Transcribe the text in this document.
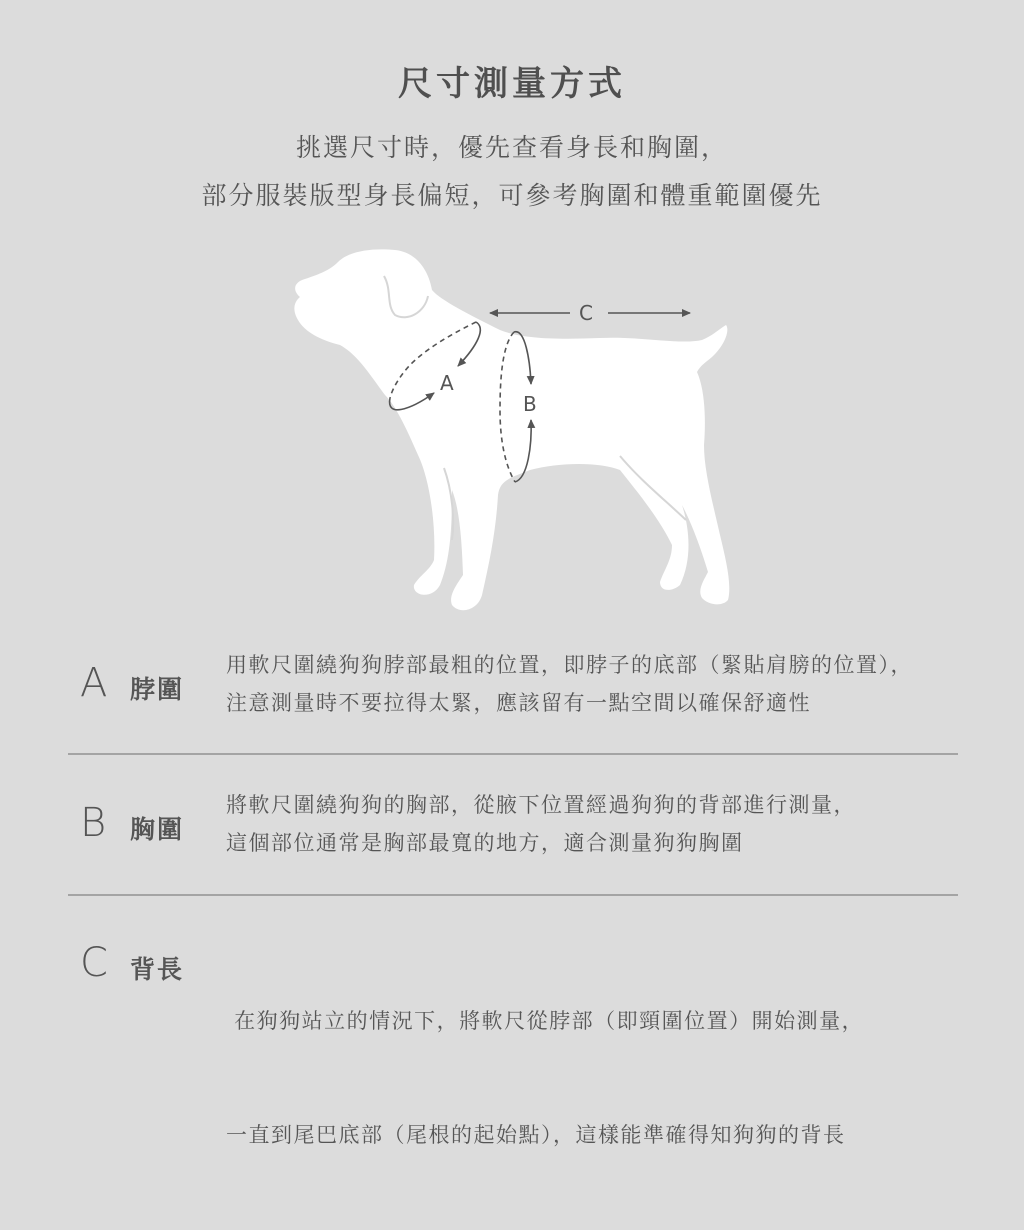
尺寸測量方式
挑選尺寸時，優先查看身長和胸圍，
部分服裝版型身長偏短，可參考胸圍和體重範圍優先
A
B
C
A 脖圍
用軟尺圍繞狗狗脖部最粗的位置，即脖子的底部（緊貼肩膀的位置），
注意測量時不要拉得太緊，應該留有一點空間以確保舒適性
B 胸圍
將軟尺圍繞狗狗的胸部，從腋下位置經過狗狗的背部進行測量，
這個部位通常是胸部最寬的地方，適合測量狗狗胸圍
C 背長

在狗狗站立的情況下，將軟尺從脖部（即頸圍位置）開始測量，

一直到尾巴底部（尾根的起始點），這樣能準確得知狗狗的背長
